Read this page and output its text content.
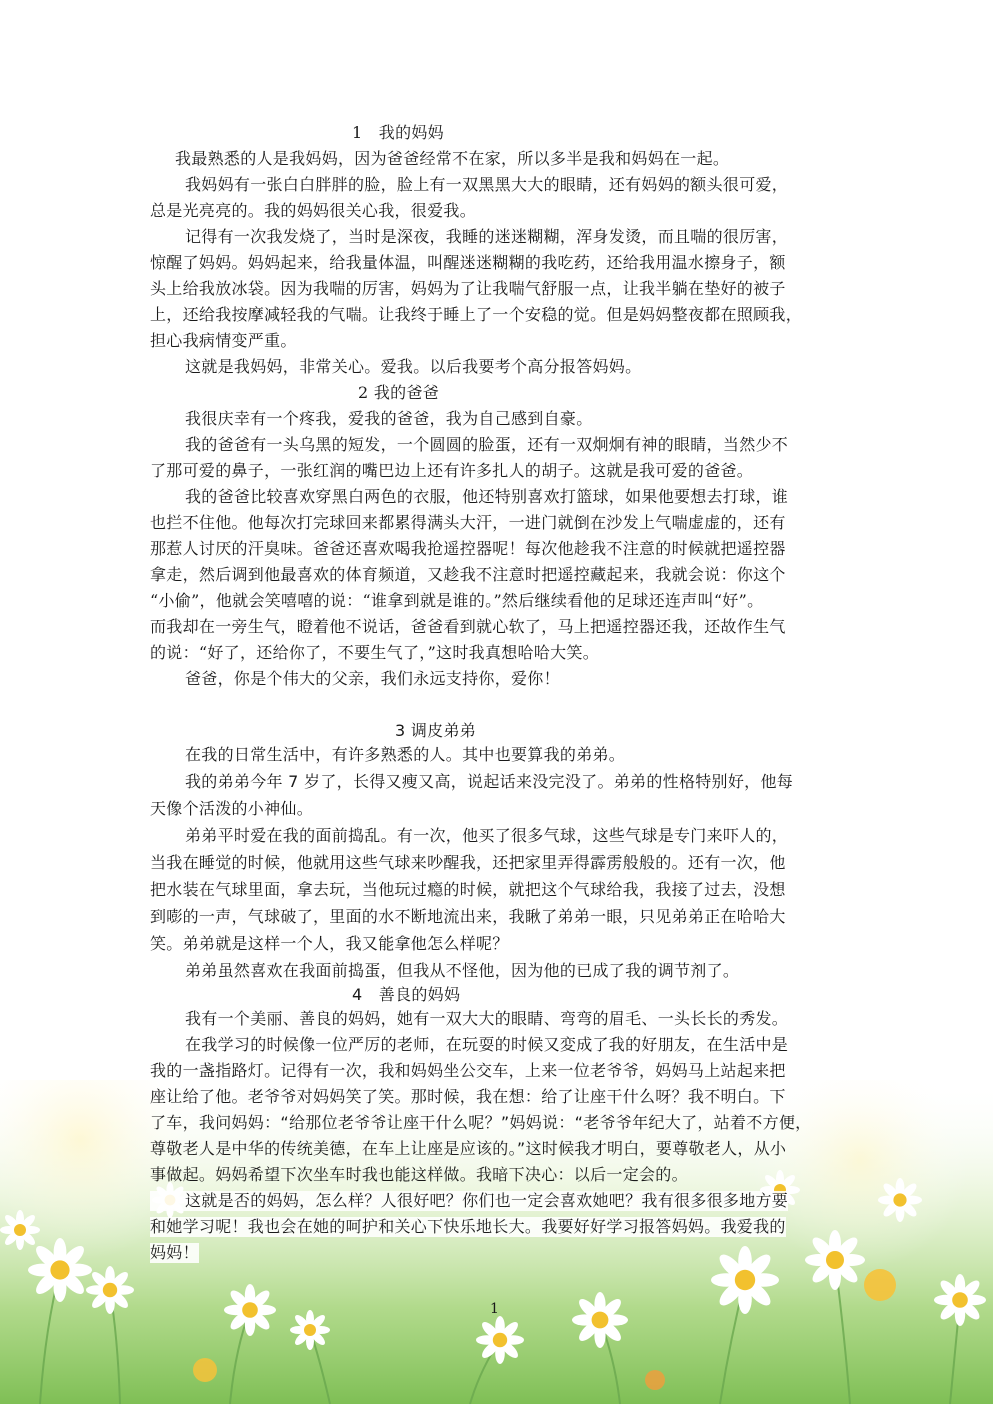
1　我的妈妈
我最熟悉的人是我妈妈，因为爸爸经常不在家，所以多半是我和妈妈在一起。
我妈妈有一张白白胖胖的脸，脸上有一双黑黑大大的眼睛，还有妈妈的额头很可爱，
总是光亮亮的。我的妈妈很关心我，很爱我。
记得有一次我发烧了，当时是深夜，我睡的迷迷糊糊，浑身发烫，而且喘的很厉害，
惊醒了妈妈。妈妈起来，给我量体温，叫醒迷迷糊糊的我吃药，还给我用温水擦身子，额
头上给我放冰袋。因为我喘的厉害，妈妈为了让我喘气舒服一点，让我半躺在垫好的被子
上，还给我按摩减轻我的气喘。让我终于睡上了一个安稳的觉。但是妈妈整夜都在照顾我，
担心我病情变严重。
这就是我妈妈，非常关心。爱我。以后我要考个高分报答妈妈。
2 我的爸爸
我很庆幸有一个疼我，爱我的爸爸，我为自己感到自豪。
我的爸爸有一头乌黑的短发，一个圆圆的脸蛋，还有一双炯炯有神的眼睛，当然少不
了那可爱的鼻子，一张红润的嘴巴边上还有许多扎人的胡子。这就是我可爱的爸爸。
我的爸爸比较喜欢穿黑白两色的衣服，他还特别喜欢打篮球，如果他要想去打球，谁
也拦不住他。他每次打完球回来都累得满头大汗，一进门就倒在沙发上气喘虚虚的，还有
那惹人讨厌的汗臭味。爸爸还喜欢喝我抢遥控器呢！每次他趁我不注意的时候就把遥控器
拿走，然后调到他最喜欢的体育频道，又趁我不注意时把遥控藏起来，我就会说：你这个
“小偷”，他就会笑嘻嘻的说：“谁拿到就是谁的。”然后继续看他的足球还连声叫“好”。
而我却在一旁生气，瞪着他不说话，爸爸看到就心软了，马上把遥控器还我，还故作生气
的说：“好了，还给你了，不要生气了，”这时我真想哈哈大笑。
爸爸，你是个伟大的父亲，我们永远支持你，爱你！
3 调皮弟弟
在我的日常生活中，有许多熟悉的人。其中也要算我的弟弟。
我的弟弟今年 7 岁了，长得又瘦又高，说起话来没完没了。弟弟的性格特别好，他每
天像个活泼的小神仙。
弟弟平时爱在我的面前捣乱。有一次，他买了很多气球，这些气球是专门来吓人的，
当我在睡觉的时候，他就用这些气球来吵醒我，还把家里弄得霹雳般般的。还有一次，他
把水装在气球里面，拿去玩，当他玩过瘾的时候，就把这个气球给我，我接了过去，没想
到嘭的一声，气球破了，里面的水不断地流出来，我瞅了弟弟一眼，只见弟弟正在哈哈大
笑。弟弟就是这样一个人，我又能拿他怎么样呢？
弟弟虽然喜欢在我面前捣蛋，但我从不怪他，因为他的已成了我的调节剂了。
4　善良的妈妈
我有一个美丽、善良的妈妈，她有一双大大的眼睛、弯弯的眉毛、一头长长的秀发。
在我学习的时候像一位严厉的老师，在玩耍的时候又変成了我的好朋友，在生活中是
我的一盏指路灯。记得有一次，我和妈妈坐公交车，上来一位老爷爷，妈妈马上站起来把
座让给了他。老爷爷对妈妈笑了笑。那时候，我在想：给了让座干什么呀？我不明白。下
了车，我问妈妈：“给那位老爷爷让座干什么呢？”妈妈说：“老爷爷年纪大了，站着不方便，
尊敬老人是中华的传统美德，在车上让座是应该的。”这时候我才明白，要尊敬老人，从小
事做起。妈妈希望下次坐车时我也能这样做。我暗下决心：以后一定会的。
这就是否的妈妈，怎么样？人很好吧？你们也一定会喜欢她吧？我有很多很多地方要
和她学习呢！我也会在她的呵护和关心下快乐地长大。我要好好学习报答妈妈。我爱我的
妈妈！
1
